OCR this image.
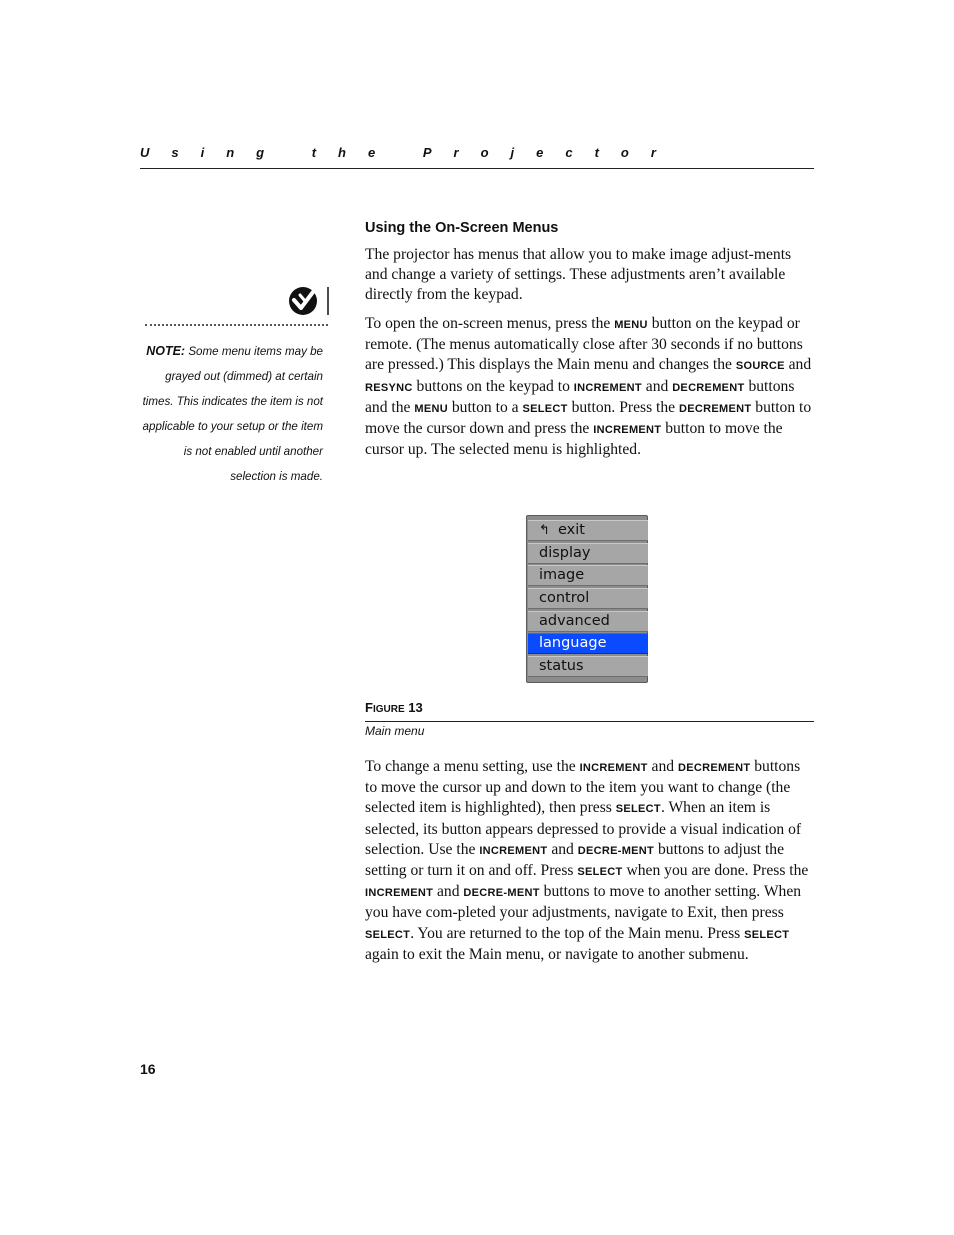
Using the Projector
Using the On-Screen Menus

The projector has menus that allow you to make image adjust-ments and change a variety of settings. These adjustments aren’t available directly from the keypad.

To open the on-screen menus, press the MENU button on the keypad or remote. (The menus automatically close after 30 seconds if no buttons are pressed.) This displays the Main menu and changes the SOURCE and RESYNC buttons on the keypad to INCREMENT and DECREMENT buttons and the MENU button to a SELECT button. Press the DECREMENT button to move the cursor down and press the INCREMENT button to move the cursor up. The selected menu is highlighted.

NOTE: Some menu items may be grayed out (dimmed) at certain times. This indicates the item is not applicable to your setup or the item is not enabled until another selection is made.

↰ exit
display
image
control
advanced
language
status
FIGURE 13
Main menu

To change a menu setting, use the INCREMENT and DECREMENT buttons to move the cursor up and down to the item you want to change (the selected item is highlighted), then press SELECT. When an item is selected, its button appears depressed to provide a visual indication of selection. Use the INCREMENT and DECRE-MENT buttons to adjust the setting or turn it on and off. Press SELECT when you are done. Press the INCREMENT and DECRE-MENT buttons to move to another setting. When you have com-pleted your adjustments, navigate to Exit, then press SELECT. You are returned to the top of the Main menu. Press SELECT again to exit the Main menu, or navigate to another submenu.

16
